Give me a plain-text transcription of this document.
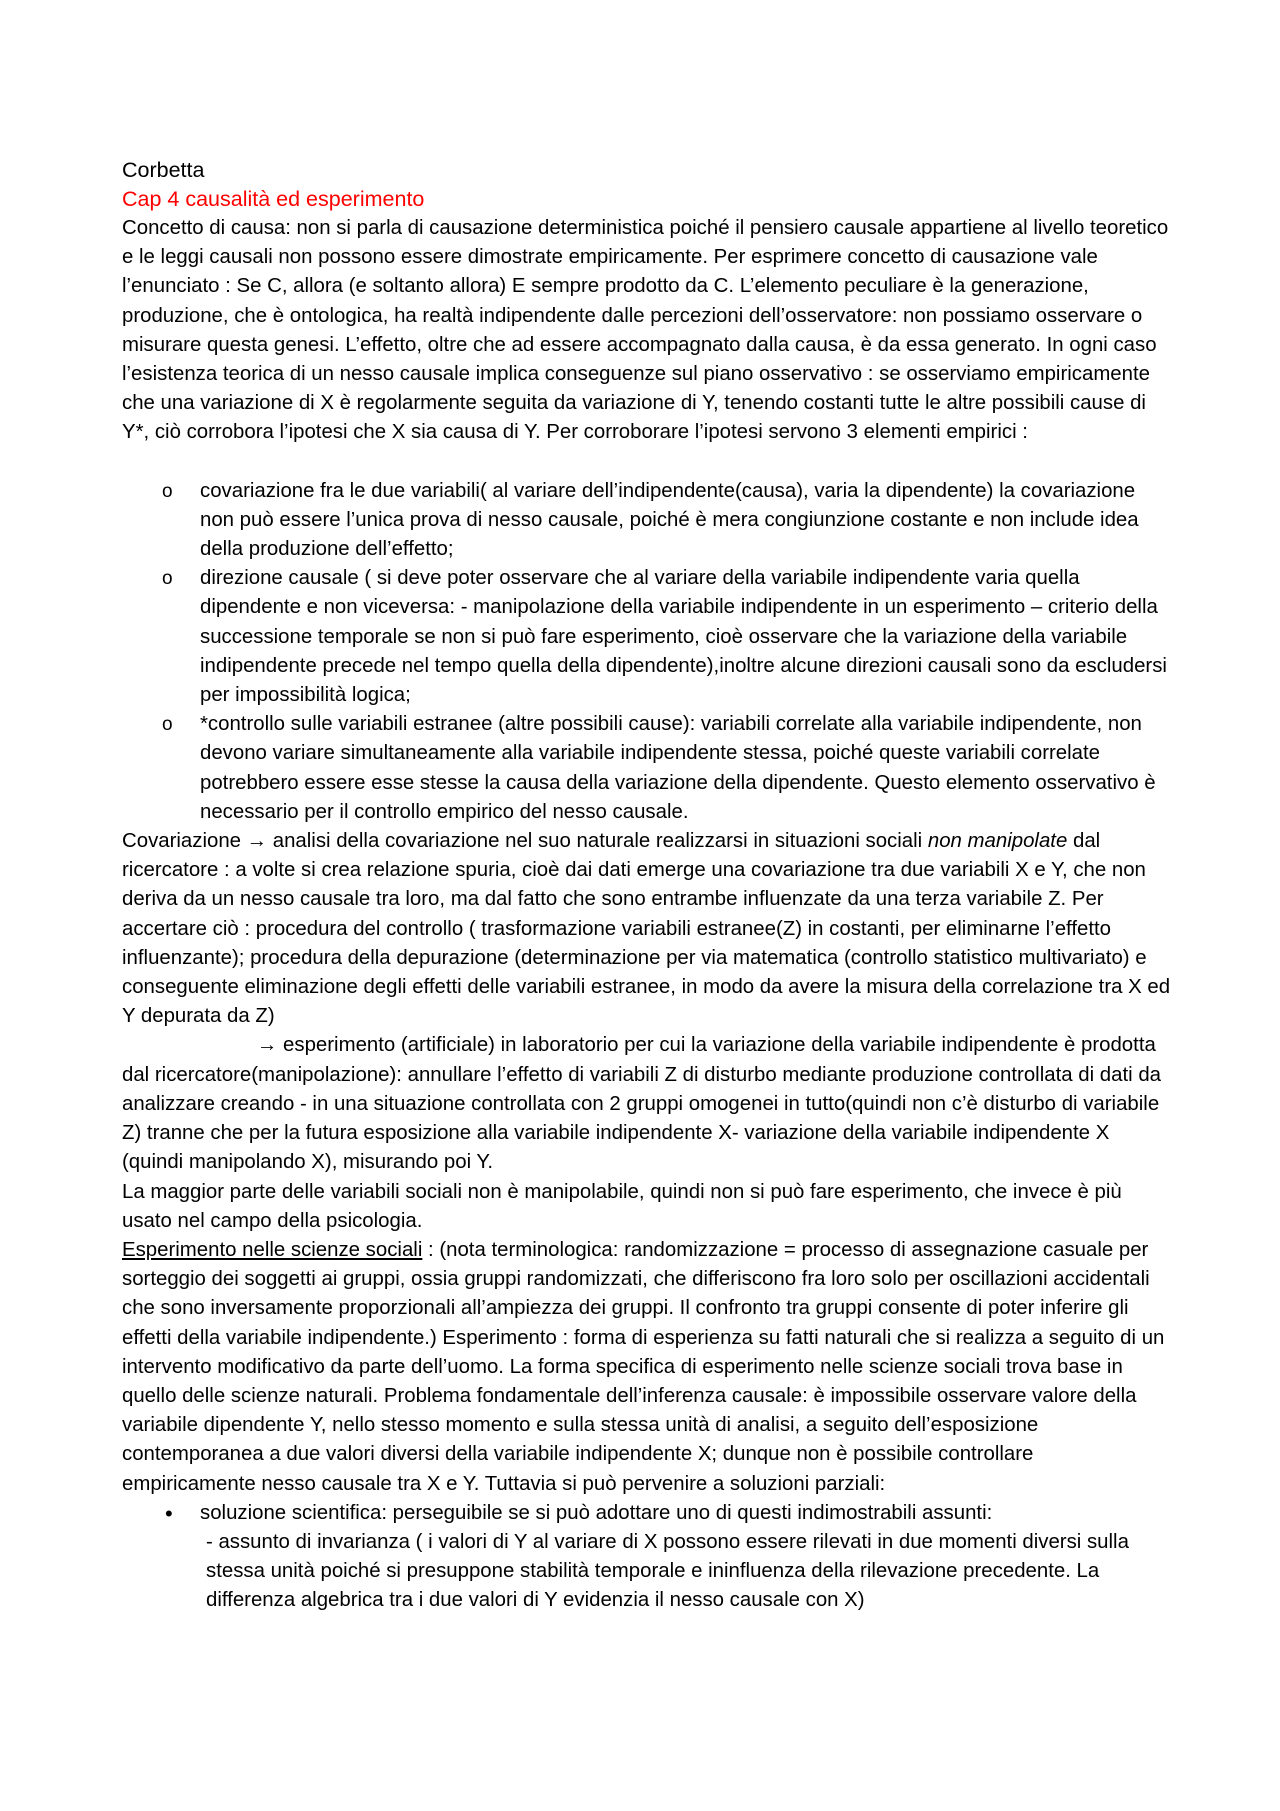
Corbetta

Cap 4 causalità ed esperimento

Concetto di causa: non si parla di causazione deterministica poiché il pensiero causale appartiene al livello teoretico e le leggi causali non possono essere dimostrate empiricamente. Per esprimere concetto di causazione vale l’enunciato : Se C, allora (e soltanto allora) E sempre prodotto da C. L’elemento peculiare è la generazione, produzione, che è ontologica, ha realtà indipendente dalle percezioni dell’osservatore: non possiamo osservare o misurare questa genesi. L’effetto, oltre che ad essere accompagnato dalla causa, è da essa generato. In ogni caso l’esistenza teorica di un nesso causale implica conseguenze sul piano osservativo : se osserviamo empiricamente che una variazione di X è regolarmente seguita da variazione di Y, tenendo costanti tutte le altre possibili cause di Y*, ciò corrobora l’ipotesi che X sia causa di Y. Per corroborare l’ipotesi servono 3 elementi empirici :

o covariazione fra le due variabili( al variare dell’indipendente(causa), varia la dipendente) la covariazione non può essere l’unica prova di nesso causale, poiché è mera congiunzione costante e non include idea della produzione dell’effetto;
o direzione causale ( si deve poter osservare che al variare della variabile indipendente varia quella dipendente e non viceversa: - manipolazione della variabile indipendente in un esperimento – criterio della successione temporale se non si può fare esperimento, cioè osservare che la variazione della variabile indipendente precede nel tempo quella della dipendente),inoltre alcune direzioni causali sono da escludersi per impossibilità logica;
o *controllo sulle variabili estranee (altre possibili cause): variabili correlate alla variabile indipendente, non devono variare simultaneamente alla variabile indipendente stessa, poiché queste variabili correlate potrebbero essere esse stesse la causa della variazione della dipendente. Questo elemento osservativo è necessario per il controllo empirico del nesso causale.

Covariazione → analisi della covariazione nel suo naturale realizzarsi in situazioni sociali non manipolate dal ricercatore : a volte si crea relazione spuria, cioè dai dati emerge una covariazione tra due variabili X e Y, che non deriva da un nesso causale tra loro, ma dal fatto che sono entrambe influenzate da una terza variabile Z. Per accertare ciò : procedura del controllo ( trasformazione variabili estranee(Z) in costanti, per eliminarne l’effetto influenzante); procedura della depurazione (determinazione per via matematica (controllo statistico multivariato) e conseguente eliminazione degli effetti delle variabili estranee, in modo da avere la misura della correlazione tra X ed Y depurata da Z)

→ esperimento (artificiale) in laboratorio per cui la variazione della variabile indipendente è prodotta dal ricercatore(manipolazione): annullare l’effetto di variabili Z di disturbo mediante produzione controllata di dati da analizzare creando - in una situazione controllata con 2 gruppi omogenei in tutto(quindi non c’è disturbo di variabile Z) tranne che per la futura esposizione alla variabile indipendente X- variazione della variabile indipendente X (quindi manipolando X), misurando poi Y.

La maggior parte delle variabili sociali non è manipolabile, quindi non si può fare esperimento, che invece è più usato nel campo della psicologia.

Esperimento nelle scienze sociali : (nota terminologica: randomizzazione = processo di assegnazione casuale per sorteggio dei soggetti ai gruppi, ossia gruppi randomizzati, che differiscono fra loro solo per oscillazioni accidentali che sono inversamente proporzionali all’ampiezza dei gruppi. Il confronto tra gruppi consente di poter inferire gli effetti della variabile indipendente.) Esperimento : forma di esperienza su fatti naturali che si realizza a seguito di un intervento modificativo da parte dell’uomo. La forma specifica di esperimento nelle scienze sociali trova base in quello delle scienze naturali. Problema fondamentale dell’inferenza causale: è impossibile osservare valore della variabile dipendente Y, nello stesso momento e sulla stessa unità di analisi, a seguito dell’esposizione contemporanea a due valori diversi della variabile indipendente X; dunque non è possibile controllare empiricamente nesso causale tra X e Y. Tuttavia si può pervenire a soluzioni parziali:

• soluzione scientifica: perseguibile se si può adottare uno di questi indimostrabili assunti:
- assunto di invarianza ( i valori di Y al variare di X possono essere rilevati in due momenti diversi sulla stessa unità poiché si presuppone stabilità temporale e ininfluenza della rilevazione precedente. La differenza algebrica tra i due valori di Y evidenzia il nesso causale con X)
